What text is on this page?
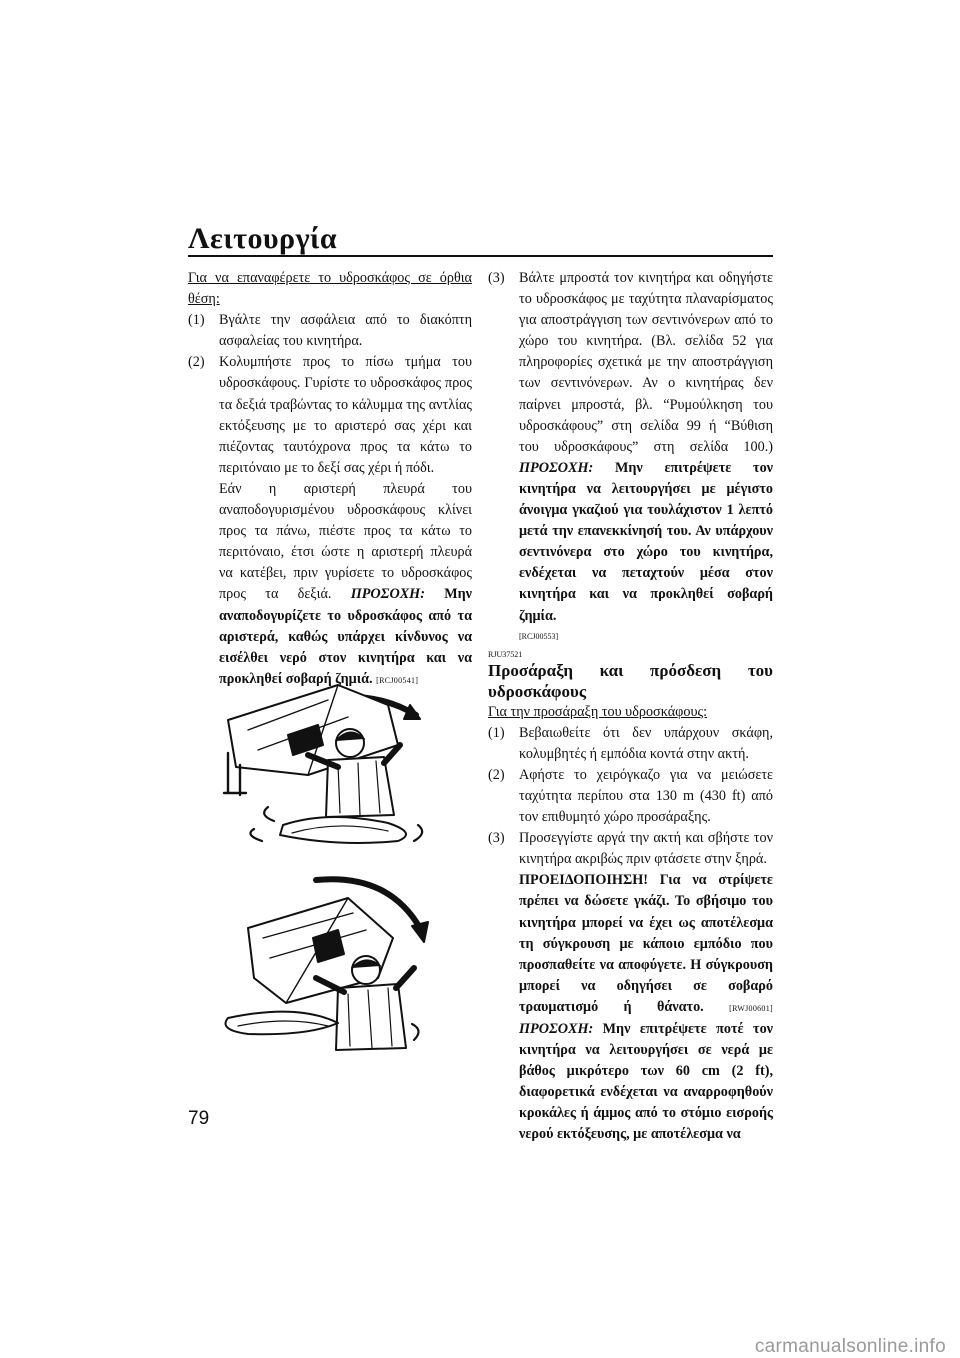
Λειτουργία

Για να επαναφέρετε το υδροσκάφος σε όρθια θέση:

(1)	Βγάλτε την ασφάλεια από το διακόπτη ασφαλείας του κινητήρα.
(2)	Κολυμπήστε προς το πίσω τμήμα του υδροσκάφους. Γυρίστε το υδροσκάφος προς τα δεξιά τραβώντας το κάλυμμα της αντλίας εκτόξευσης με το αριστερό σας χέρι και πιέζοντας ταυτόχρονα προς τα κάτω το περιτόναιο με το δεξί σας χέρι ή πόδι.
Εάν η αριστερή πλευρά του αναποδογυρισμένου υδροσκάφους κλίνει προς τα πάνω, πιέστε προς τα κάτω το περιτόναιο, έτσι ώστε η αριστερή πλευρά να κατέβει, πριν γυρίσετε το υδροσκάφος προς τα δεξιά. ΠΡΟΣΟΧΗ: Μην αναποδογυρίζετε το υδροσκάφος από τα αριστερά, καθώς υπάρχει κίνδυνος να εισέλθει νερό στον κινητήρα και να προκληθεί σοβαρή ζημιά. [RCJ00541]
(3)	Βάλτε μπροστά τον κινητήρα και οδηγήστε το υδροσκάφος με ταχύτητα πλαναρίσματος για αποστράγγιση των σεντινόνερων από το χώρο του κινητήρα. (Βλ. σελίδα 52 για πληροφορίες σχετικά με την αποστράγγιση των σεντινόνερων. Αν ο κινητήρας δεν παίρνει μπροστά, βλ. “Ρυμούλκηση του υδροσκάφους” στη σελίδα 99 ή “Βύθιση του υδροσκάφους” στη σελίδα 100.) ΠΡΟΣΟΧΗ: Μην επιτρέψετε τον κινητήρα να λειτουργήσει με μέγιστο άνοιγμα γκαζιού για τουλάχιστον 1 λεπτό μετά την επανεκκίνησή του. Αν υπάρχουν σεντινόνερα στο χώρο του κινητήρα, ενδέχεται να πεταχτούν μέσα στον κινητήρα και να προκληθεί σοβαρή ζημία.
[RCJ00553]
RJU37521

Προσάραξη και πρόσδεση του υδροσκάφους

Για την προσάραξη του υδροσκάφους:

(1)	Βεβαιωθείτε ότι δεν υπάρχουν σκάφη, κολυμβητές ή εμπόδια κοντά στην ακτή.
(2)	Αφήστε το χειρόγκαζο για να μειώσετε ταχύτητα περίπου στα 130 m (430 ft) από τον επιθυμητό χώρο προσάραξης.
(3)	Προσεγγίστε αργά την ακτή και σβήστε τον κινητήρα ακριβώς πριν φτάσετε στην ξηρά.
ΠΡΟΕΙΔΟΠΟΙΗΣΗ! Για να στρίψετε πρέπει να δώσετε γκάζι. Το σβήσιμο του κινητήρα μπορεί να έχει ως αποτέλεσμα τη σύγκρουση με κάποιο εμπόδιο που προσπαθείτε να αποφύγετε. Η σύγκρουση μπορεί να οδηγήσει σε σοβαρό τραυματισμό ή θάνατο.	[RWJ00601] ΠΡΟΣΟΧΗ: Μην επιτρέψετε ποτέ τον κινητήρα να λειτουργήσει σε νερά με βάθος μικρότερο των 60 cm (2 ft), διαφορετικά ενδέχεται να αναρροφηθούν κροκάλες ή άμμος από το στόμιο εισροής νερού εκτόξευσης, με αποτέλεσμα να
79
carmanualsonline.info
